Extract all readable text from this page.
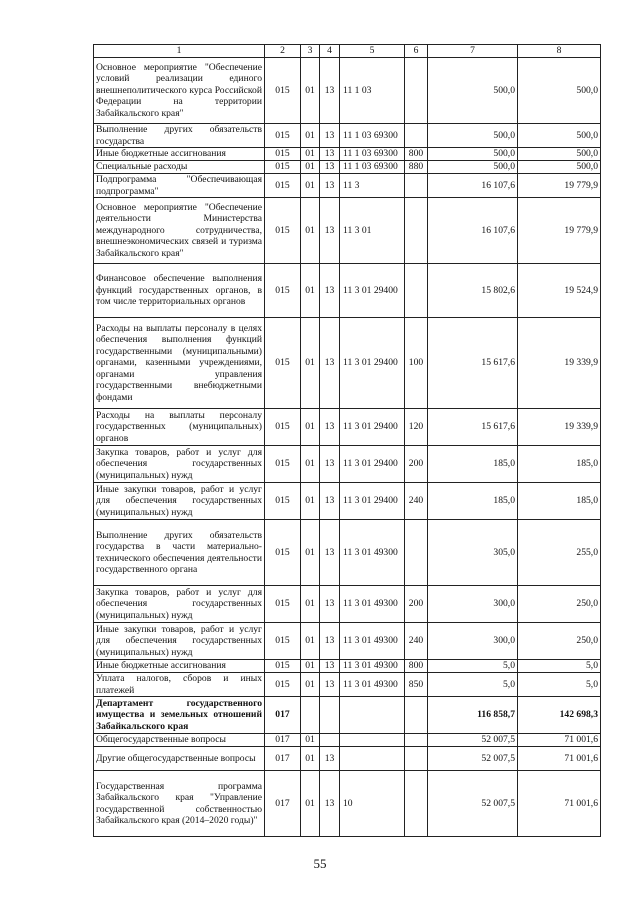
1	2	3	4	5	6	7	8
Основное мероприятие "Обеспечение условий реализации единого внешнеполитического курса Российской Федерации на территории Забайкальского края"	015	01	13	11 1 03		500,0	500,0
Выполнение других обязательств государства	015	01	13	11 1 03 69300		500,0	500,0
Иные бюджетные ассигнования	015	01	13	11 1 03 69300	800	500,0	500,0
Специальные расходы	015	01	13	11 1 03 69300	880	500,0	500,0
Подпрограмма "Обеспечивающая подпрограмма"	015	01	13	11 3		16 107,6	19 779,9
Основное мероприятие "Обеспечение деятельности Министерства международного сотрудничества, внешнеэкономических связей и туризма Забайкальского края"	015	01	13	11 3 01		16 107,6	19 779,9
Финансовое обеспечение выполнения функций государственных органов, в том числе территориальных органов	015	01	13	11 3 01 29400		15 802,6	19 524,9
Расходы на выплаты персоналу в целях обеспечения выполнения функций государственными (муниципальными) органами, казенными учреждениями, органами управления государственными внебюджетными фондами	015	01	13	11 3 01 29400	100	15 617,6	19 339,9
Расходы на выплаты персоналу государственных (муниципальных) органов	015	01	13	11 3 01 29400	120	15 617,6	19 339,9
Закупка товаров, работ и услуг для обеспечения государственных (муниципальных) нужд	015	01	13	11 3 01 29400	200	185,0	185,0
Иные закупки товаров, работ и услуг для обеспечения государственных (муниципальных) нужд	015	01	13	11 3 01 29400	240	185,0	185,0
Выполнение других обязательств государства в части материально-технического обеспечения деятельности государственного органа	015	01	13	11 3 01 49300		305,0	255,0
Закупка товаров, работ и услуг для обеспечения государственных (муниципальных) нужд	015	01	13	11 3 01 49300	200	300,0	250,0
Иные закупки товаров, работ и услуг для обеспечения государственных (муниципальных) нужд	015	01	13	11 3 01 49300	240	300,0	250,0
Иные бюджетные ассигнования	015	01	13	11 3 01 49300	800	5,0	5,0
Уплата налогов, сборов и иных платежей	015	01	13	11 3 01 49300	850	5,0	5,0
Департамент государственного имущества и земельных отношений Забайкальского края	017					116 858,7	142 698,3
Общегосударственные вопросы	017	01				52 007,5	71 001,6
Другие общегосударственные вопросы	017	01	13			52 007,5	71 001,6
Государственная программа Забайкальского края "Управление государственной собственностью Забайкальского края (2014–2020 годы)"	017	01	13	10		52 007,5	71 001,6
55
